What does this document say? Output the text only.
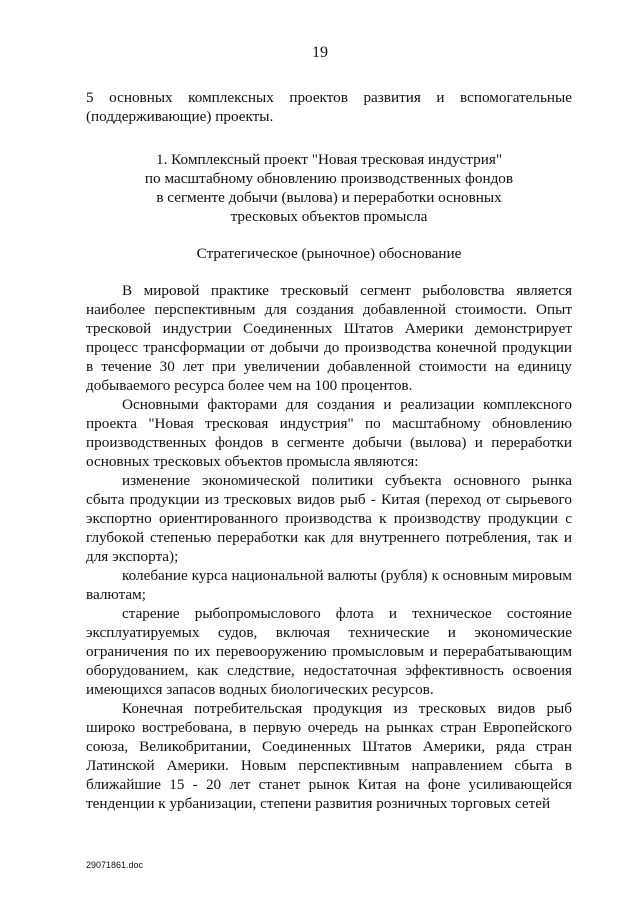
19

5 основных комплексных проектов развития и вспомогательные (поддерживающие) проекты.

1. Комплексный проект "Новая тресковая индустрия"
по масштабному обновлению производственных фондов
в сегменте добычи (вылова) и переработки основных
тресковых объектов промысла
Стратегическое (рыночное) обоснование

В мировой практике тресковый сегмент рыболовства является наиболее перспективным для создания добавленной стоимости. Опыт тресковой индустрии Соединенных Штатов Америки демонстрирует процесс трансформации от добычи до производства конечной продукции в течение 30 лет при увеличении добавленной стоимости на единицу добываемого ресурса более чем на 100 процентов.

Основными факторами для создания и реализации комплексного проекта "Новая тресковая индустрия" по масштабному обновлению производственных фондов в сегменте добычи (вылова) и переработки основных тресковых объектов промысла являются:

изменение экономической политики субъекта основного рынка сбыта продукции из тресковых видов рыб - Китая (переход от сырьевого экспортно ориентированного производства к производству продукции с глубокой степенью переработки как для внутреннего потребления, так и для экспорта);

колебание курса национальной валюты (рубля) к основным мировым валютам;

старение рыбопромыслового флота и техническое состояние эксплуатируемых судов, включая технические и экономические ограничения по их перевооружению промысловым и перерабатывающим оборудованием, как следствие, недостаточная эффективность освоения имеющихся запасов водных биологических ресурсов.

Конечная потребительская продукция из тресковых видов рыб широко востребована, в первую очередь на рынках стран Европейского союза, Великобритании, Соединенных Штатов Америки, ряда стран Латинской Америки. Новым перспективным направлением сбыта в ближайшие 15 - 20 лет станет рынок Китая на фоне усиливающейся тенденции к урбанизации, степени развития розничных торговых сетей

29071861.doc
